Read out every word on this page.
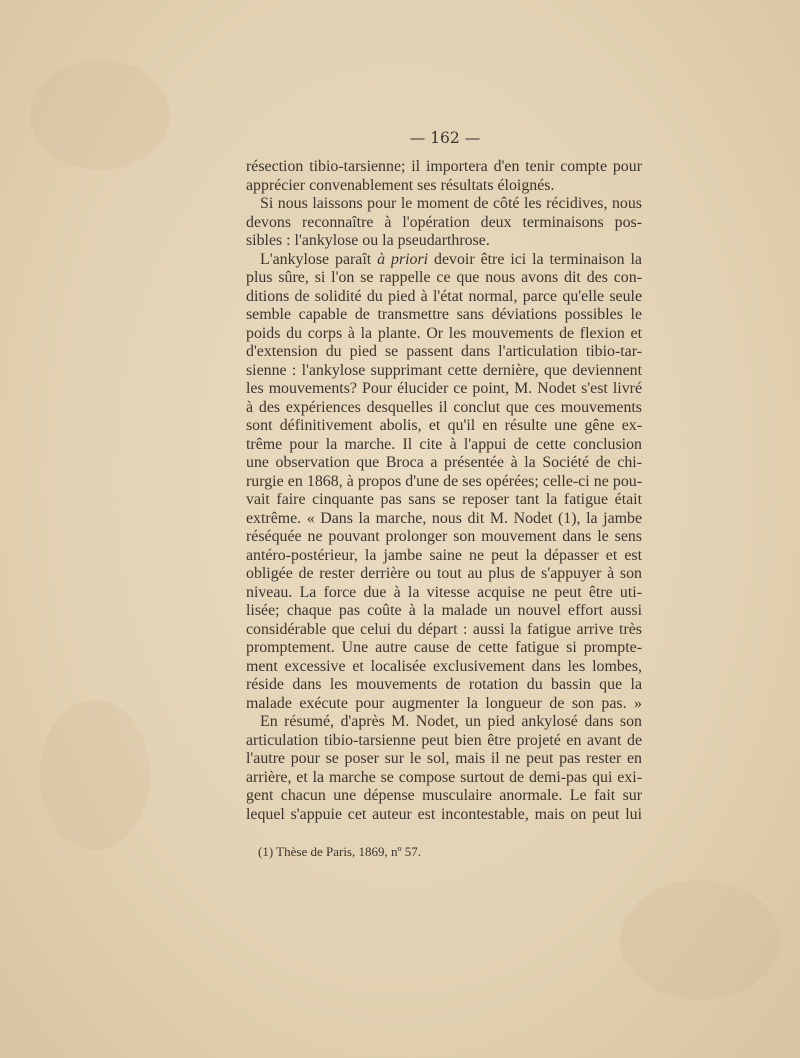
— 162 —
résection tibio-tarsienne; il importera d'en tenir compte pour
apprécier convenablement ses résultats éloignés.
Si nous laissons pour le moment de côté les récidives, nous
devons reconnaître à l'opération deux terminaisons pos-
sibles : l'ankylose ou la pseudarthrose.
L'ankylose paraît à priori devoir être ici la terminaison la
plus sûre, si l'on se rappelle ce que nous avons dit des con-
ditions de solidité du pied à l'état normal, parce qu'elle seule
semble capable de transmettre sans déviations possibles le
poids du corps à la plante. Or les mouvements de flexion et
d'extension du pied se passent dans l'articulation tibio-tar-
sienne : l'ankylose supprimant cette dernière, que deviennent
les mouvements? Pour élucider ce point, M. Nodet s'est livré
à des expériences desquelles il conclut que ces mouvements
sont définitivement abolis, et qu'il en résulte une gêne ex-
trême pour la marche. Il cite à l'appui de cette conclusion
une observation que Broca a présentée à la Société de chi-
rurgie en 1868, à propos d'une de ses opérées; celle-ci ne pou-
vait faire cinquante pas sans se reposer tant la fatigue était
extrême. « Dans la marche, nous dit M. Nodet (1), la jambe
réséquée ne pouvant prolonger son mouvement dans le sens
antéro-postérieur, la jambe saine ne peut la dépasser et est
obligée de rester derrière ou tout au plus de s'appuyer à son
niveau. La force due à la vitesse acquise ne peut être uti-
lisée; chaque pas coûte à la malade un nouvel effort aussi
considérable que celui du départ : aussi la fatigue arrive très
promptement. Une autre cause de cette fatigue si prompte-
ment excessive et localisée exclusivement dans les lombes,
réside dans les mouvements de rotation du bassin que la
malade exécute pour augmenter la longueur de son pas. »
En résumé, d'après M. Nodet, un pied ankylosé dans son
articulation tibio-tarsienne peut bien être projeté en avant de
l'autre pour se poser sur le sol, mais il ne peut pas rester en
arrière, et la marche se compose surtout de demi-pas qui exi-
gent chacun une dépense musculaire anormale. Le fait sur
lequel s'appuie cet auteur est incontestable, mais on peut lui
(1) Thèse de Paris, 1869, nº 57.
